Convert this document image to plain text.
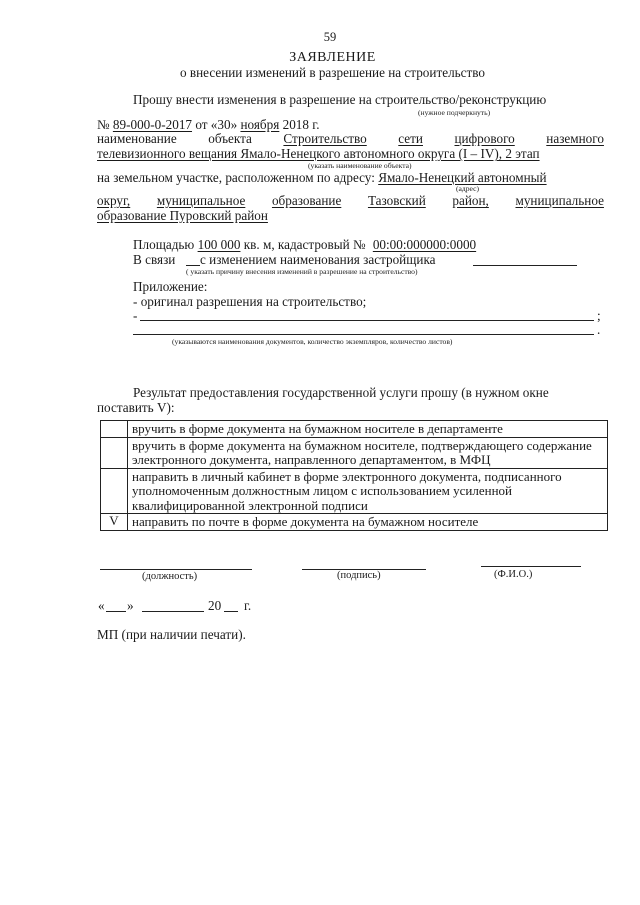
59
ЗАЯВЛЕНИЕ
о внесении изменений в разрешение на строительство
Прошу внести изменения в разрешение на строительство/реконструкцию
(нужное подчеркнуть)
№ 89-000-0-2017 от «30» ноября 2018 г.
наименование объекта Строительство сети цифрового наземного
телевизионного вещания Ямало-Ненецкого автономного округа (I – IV), 2 этап
(указать наименование объекта)
на земельном участке, расположенном по адресу: Ямало-Ненецкий автономный
(адрес)
округ, муниципальное образование Тазовский район, муниципальное
образование Пуровский район
Площадью 100 000 кв. м, кадастровый № 00:00:000000:0000
В связи с изменением наименования застройщика
( указать причину внесения изменений в разрешение на строительство)
Приложение:
- оригинал разрешения на строительство;
-	;
.
(указываются наименования документов, количество экземпляров, количество листов)
Результат предоставления государственной услуги прошу (в нужном окне
поставить V):
	вручить в форме документа на бумажном носителе в департаменте
	вручить в форме документа на бумажном носителе, подтверждающего содержание электронного документа, направленного департаментом, в МФЦ
	направить в личный кабинет в форме электронного документа, подписанного уполномоченным должностным лицом с использованием усиленной квалифицированной электронной подписи
V	направить по почте в форме документа на бумажном носителе
(должность)	(подпись)	(Ф.И.О.)
« »	20 г.
МП (при наличии печати).
